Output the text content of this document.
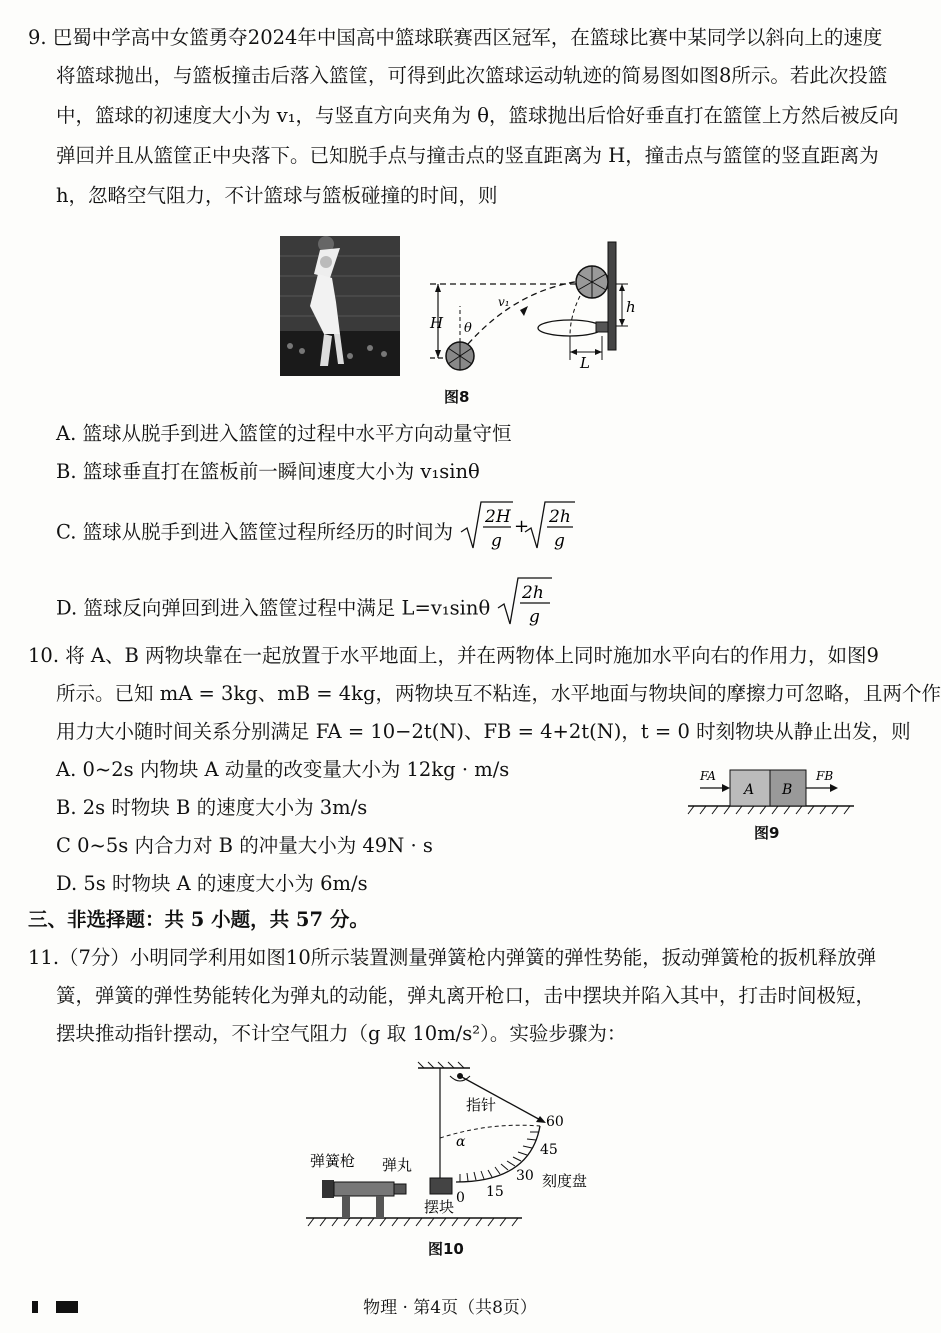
9. 巴蜀中学高中女篮勇夺2024年中国高中篮球联赛西区冠军，在篮球比赛中某同学以斜向上的速度
将篮球抛出，与篮板撞击后落入篮筐，可得到此次篮球运动轨迹的简易图如图8所示。若此次投篮
中，篮球的初速度大小为 v₁，与竖直方向夹角为 θ，篮球抛出后恰好垂直打在篮筐上方然后被反向
弹回并且从篮筐正中央落下。已知脱手点与撞击点的竖直距离为 H，撞击点与篮筐的竖直距离为
h，忽略空气阻力，不计篮球与篮板碰撞的时间，则
H θ
v₁	h
L
图8
A. 篮球从脱手到进入篮筐的过程中水平方向动量守恒
B. 篮球垂直打在篮板前一瞬间速度大小为 v₁sinθ
C. 篮球从脱手到进入篮筐过程所经历的时间为
2H
g
+ 2h
g
D. 篮球反向弹回到进入篮筐过程中满足 L=v₁sinθ
2h
g
10. 将 A、B 两物块靠在一起放置于水平地面上，并在两物体上同时施加水平向右的作用力，如图9
所示。已知 mA = 3kg、mB = 4kg，两物块互不粘连，水平地面与物块间的摩擦力可忽略，且两个作
用力大小随时间关系分别满足 FA = 10−2t(N)、FB = 4+2t(N)，t = 0 时刻物块从静止出发，则
A. 0~2s 内物块 A 动量的改变量大小为 12kg · m/s
B. 2s 时物块 B 的速度大小为 3m/s
C 0~5s 内合力对 B 的冲量大小为 49N · s
D. 5s 时物块 A 的速度大小为 6m/s
A B
FA	FB
图9
三、非选择题：共 5 小题，共 57 分。
11.（7分）小明同学利用如图10所示装置测量弹簧枪内弹簧的弹性势能，扳动弹簧枪的扳机释放弹
簧，弹簧的弹性势能转化为弹丸的动能，弹丸离开枪口，击中摆块并陷入其中，打击时间极短，
摆块推动指针摆动，不计空气阻力（g 取 10m/s²）。实验步骤为：
指针
α
0 15
30
45
60
刻度盘
摆块
弹簧枪 弹丸
图10
物理 · 第4页（共8页）
